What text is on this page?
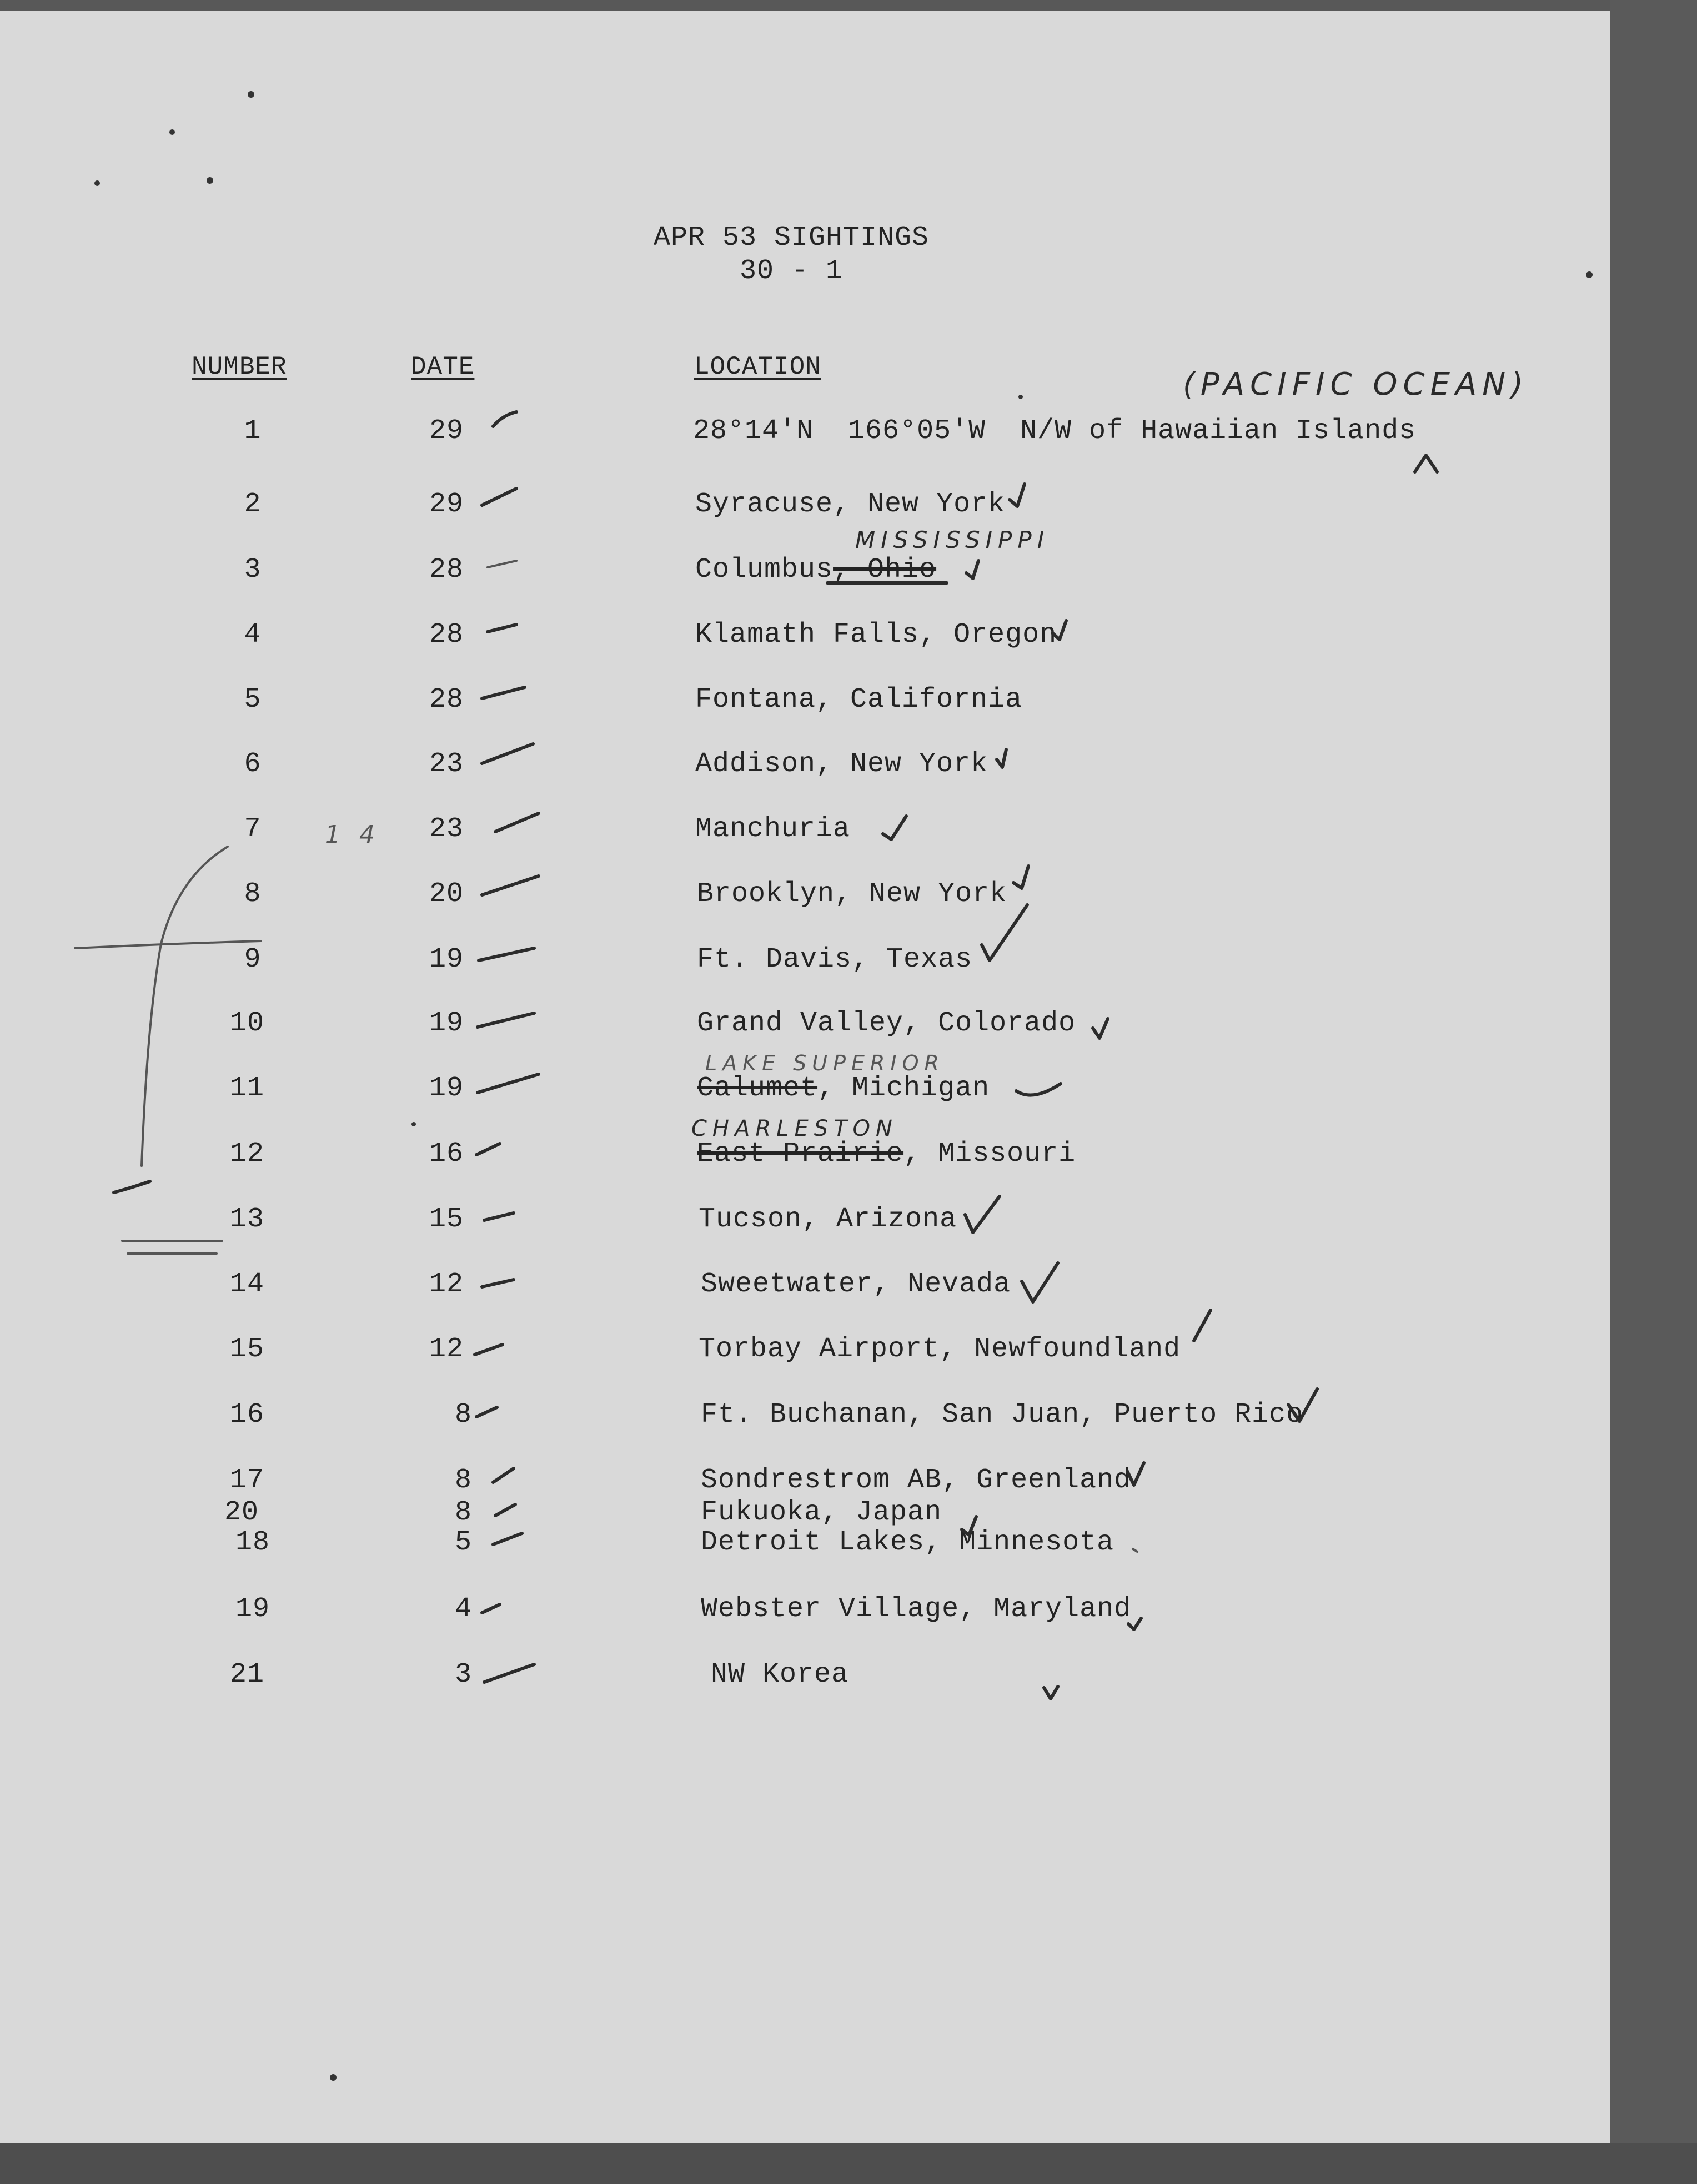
APR 53 SIGHTINGS
30 - 1
NUMBER	DATE	LOCATION
1	29	28°14'N  166°05'W  N/W of Hawaiian Islands
2	29	Syracuse, New York
3	28	Columbus, Ohio
4	28	Klamath Falls, Oregon
5	28	Fontana, California
6	23	Addison, New York
7	23	Manchuria
8	20	Brooklyn, New York
9	19	Ft. Davis, Texas
10	19	Grand Valley, Colorado
11	19	Calumet, Michigan
12	16	East Prairie, Missouri
13	15	Tucson, Arizona
14	12	Sweetwater, Nevada
15	12	Torbay Airport, Newfoundland
16	8	Ft. Buchanan, San Juan, Puerto Rico
17	8	Sondrestrom AB, Greenland
20	8	Fukuoka, Japan
18	5	Detroit Lakes, Minnesota
19	4	Webster Village, Maryland
21	3	NW Korea
(PACIFIC OCEAN)
MISSISSIPPI
LAKE SUPERIOR
CHARLESTON
1 4
